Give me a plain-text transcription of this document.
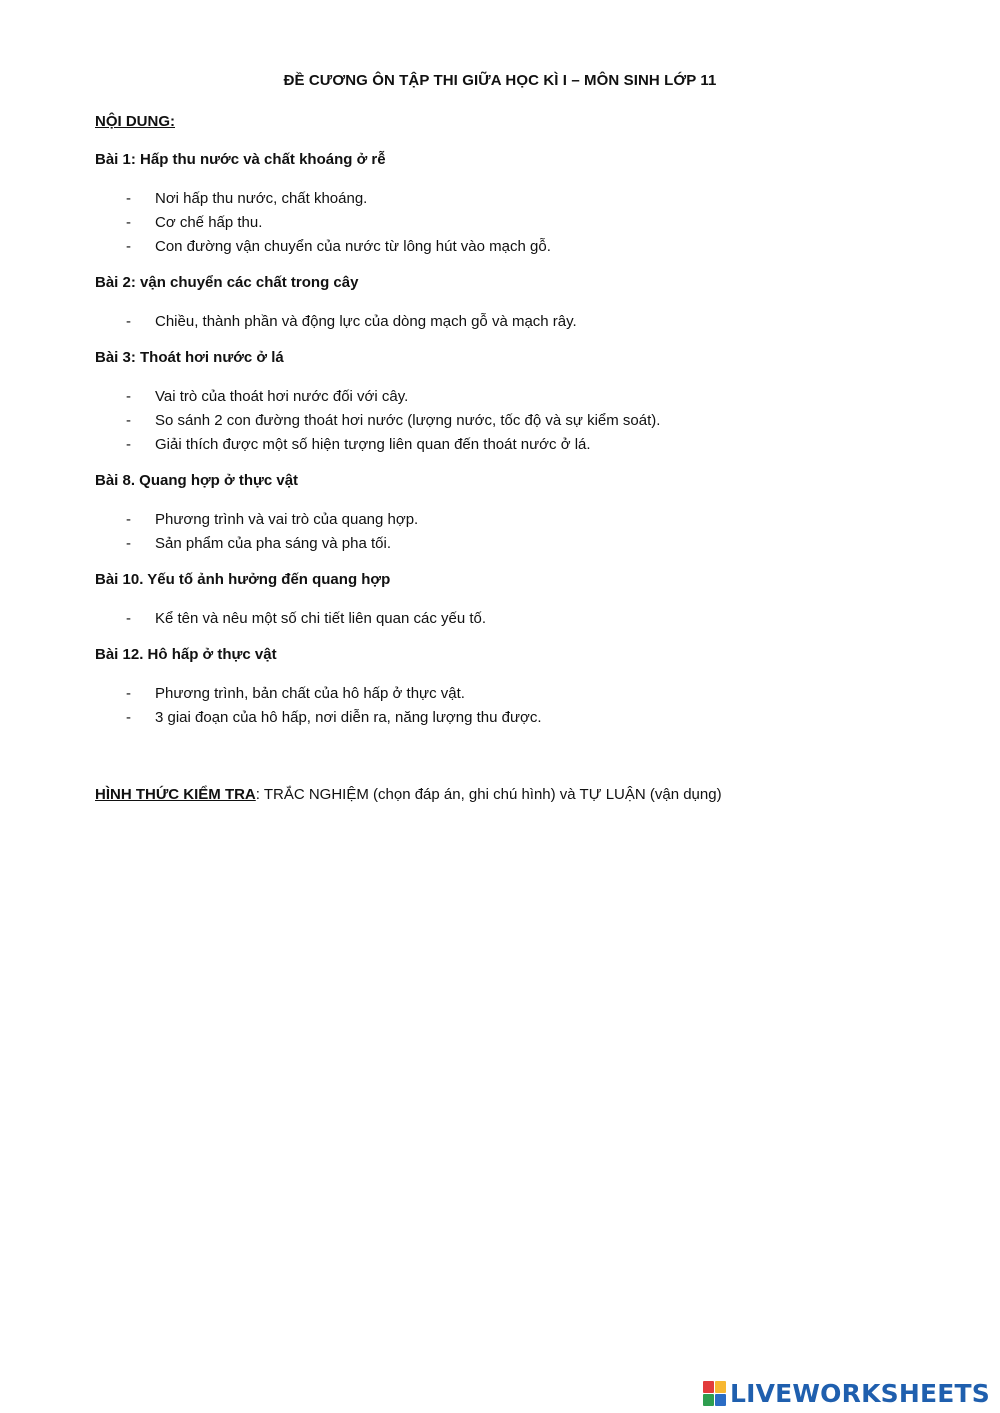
ĐỀ CƯƠNG ÔN TẬP THI GIỮA HỌC KÌ I – MÔN SINH LỚP 11
NỘI DUNG:
Bài 1: Hấp thu nước và chất khoáng ở rễ
- Nơi hấp thu nước, chất khoáng.
- Cơ chế hấp thu.
- Con đường vận chuyển của nước từ lông hút vào mạch gỗ.
Bài 2: vận chuyển các chất trong cây
- Chiều, thành phần và động lực của dòng mạch gỗ và mạch rây.
Bài 3: Thoát hơi nước ở lá
- Vai trò của thoát hơi nước đối với cây.
- So sánh 2 con đường thoát hơi nước (lượng nước, tốc độ và sự kiểm soát).
- Giải thích được một số hiện tượng liên quan đến thoát nước ở lá.
Bài 8. Quang hợp ở thực vật
- Phương trình và vai trò của quang hợp.
- Sản phẩm của pha sáng và pha tối.
Bài 10. Yếu tố ảnh hưởng đến quang hợp
- Kể tên và nêu một số chi tiết liên quan các yếu tố.
Bài 12. Hô hấp ở thực vật
- Phương trình, bản chất của hô hấp ở thực vật.
- 3 giai đoạn của hô hấp, nơi diễn ra, năng lượng thu được.
HÌNH THỨC KIỂM TRA: TRẮC NGHIỆM (chọn đáp án, ghi chú hình) và TỰ LUẬN (vận dụng)
LIVEWORKSHEETS
